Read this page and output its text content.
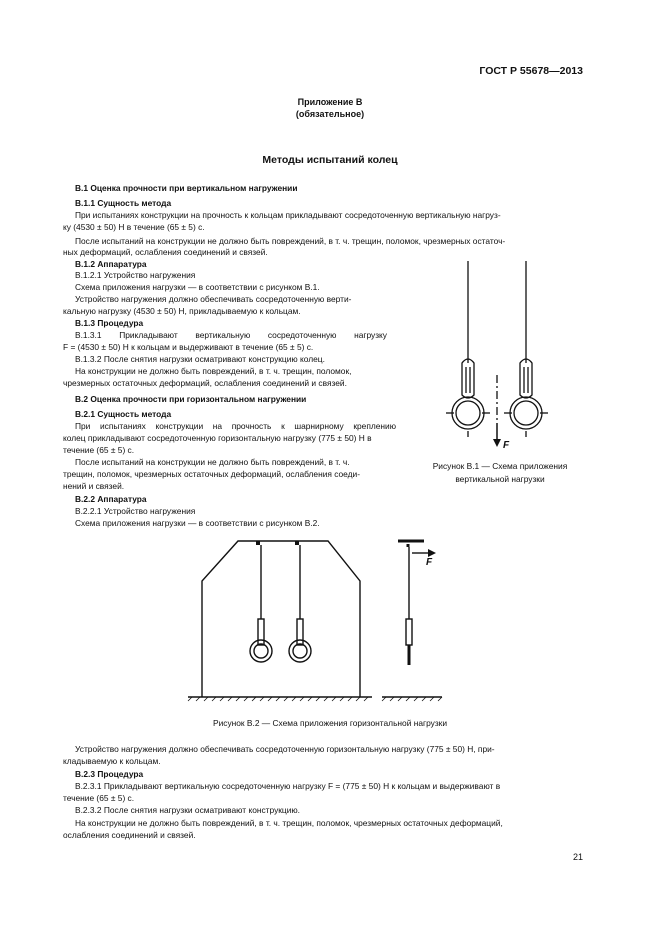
ГОСТ Р 55678—2013
Приложение В
(обязательное)
Методы испытаний колец
В.1 Оценка прочности при вертикальном нагружении
В.1.1 Сущность метода
При испытаниях конструкции на прочность к кольцам прикладывают сосредоточенную вертикальную нагруз-
ку (4530 ± 50) Н в течение (65 ± 5) с.
После испытаний на конструкции не должно быть повреждений, в т. ч. трещин, поломок, чрезмерных остаточ-
ных деформаций, ослабления соединений и связей.
В.1.2 Аппаратура
В.1.2.1 Устройство нагружения
Схема приложения нагрузки — в соответствии с рисунком В.1.
Устройство нагружения должно обеспечивать сосредоточенную верти-
кальную нагрузку (4530 ± 50) Н, прикладываемую к кольцам.
В.1.3 Процедура
В.1.3.1 Прикладывают вертикальную сосредоточенную нагрузку
F = (4530 ± 50) Н к кольцам и выдерживают в течение (65 ± 5) с.
В.1.3.2 После снятия нагрузки осматривают конструкцию колец.
На конструкции не должно быть повреждений, в т. ч. трещин, поломок,
чрезмерных остаточных деформаций, ослабления соединений и связей.
В.2 Оценка прочности при горизонтальном нагружении
В.2.1 Сущность метода
При испытаниях конструкции на прочность к шарнирному креплению
колец прикладывают сосредоточенную горизонтальную нагрузку (775 ± 50) Н в
течение (65 ± 5) с.
После испытаний на конструкции не должно быть повреждений, в т. ч.
трещин, поломок, чрезмерных остаточных деформаций, ослабления соеди-
нений и связей.
В.2.2 Аппаратура
В.2.2.1 Устройство нагружения
Схема приложения нагрузки — в соответствии с рисунком В.2.
F
Рисунок В.1 — Схема приложения
вертикальной нагрузки
F
Рисунок В.2 — Схема приложения горизонтальной нагрузки
Устройство нагружения должно обеспечивать сосредоточенную горизонтальную нагрузку (775 ± 50) Н, при-
кладываемую к кольцам.
В.2.3 Процедура
В.2.3.1 Прикладывают вертикальную сосредоточенную нагрузку F = (775 ± 50) Н к кольцам и выдерживают в
течение (65 ± 5) с.
В.2.3.2 После снятия нагрузки осматривают конструкцию.
На конструкции не должно быть повреждений, в т. ч. трещин, поломок, чрезмерных остаточных деформаций,
ослабления соединений и связей.
21
